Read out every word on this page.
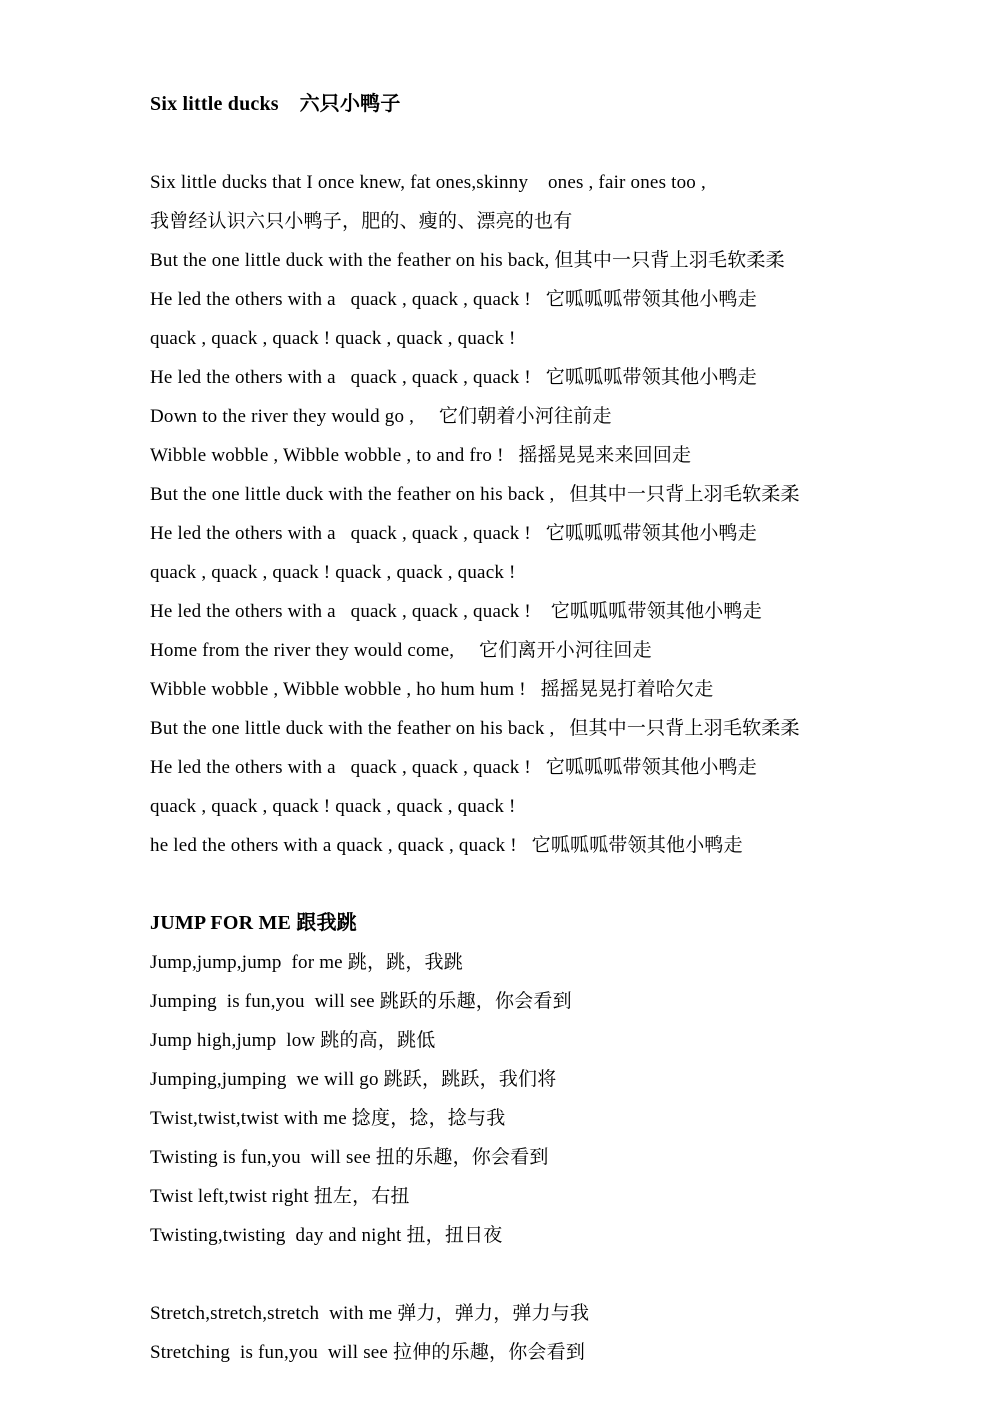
Six little ducks    六只小鸭子
Six little ducks that I once knew, fat ones,skinny    ones , fair ones too ,
我曾经认识六只小鸭子，肥的、瘦的、漂亮的也有
But the one little duck with the feather on his back, 但其中一只背上羽毛软柔柔
He led the others with a   quack , quack , quack !   它呱呱呱带领其他小鸭走
quack , quack , quack ! quack , quack , quack !
He led the others with a   quack , quack , quack !   它呱呱呱带领其他小鸭走
Down to the river they would go ,     它们朝着小河往前走
Wibble wobble , Wibble wobble , to and fro !   摇摇晃晃来来回回走
But the one little duck with the feather on his back ,   但其中一只背上羽毛软柔柔
He led the others with a   quack , quack , quack !   它呱呱呱带领其他小鸭走
quack , quack , quack ! quack , quack , quack !
He led the others with a   quack , quack , quack !    它呱呱呱带领其他小鸭走
Home from the river they would come,     它们离开小河往回走
Wibble wobble , Wibble wobble , ho hum hum !   摇摇晃晃打着哈欠走
But the one little duck with the feather on his back ,   但其中一只背上羽毛软柔柔
He led the others with a   quack , quack , quack !   它呱呱呱带领其他小鸭走
quack , quack , quack ! quack , quack , quack !
he led the others with a quack , quack , quack !   它呱呱呱带领其他小鸭走
JUMP FOR ME 跟我跳
Jump,jump,jump  for me 跳，跳，我跳
Jumping  is fun,you  will see 跳跃的乐趣，你会看到
Jump high,jump  low 跳的高，跳低
Jumping,jumping  we will go 跳跃，跳跃，我们将
Twist,twist,twist with me 捻度，捻，捻与我
Twisting is fun,you  will see 扭的乐趣，你会看到
Twist left,twist right 扭左，右扭
Twisting,twisting  day and night 扭，扭日夜
Stretch,stretch,stretch  with me 弹力，弹力，弹力与我
Stretching  is fun,you  will see 拉伸的乐趣，你会看到
